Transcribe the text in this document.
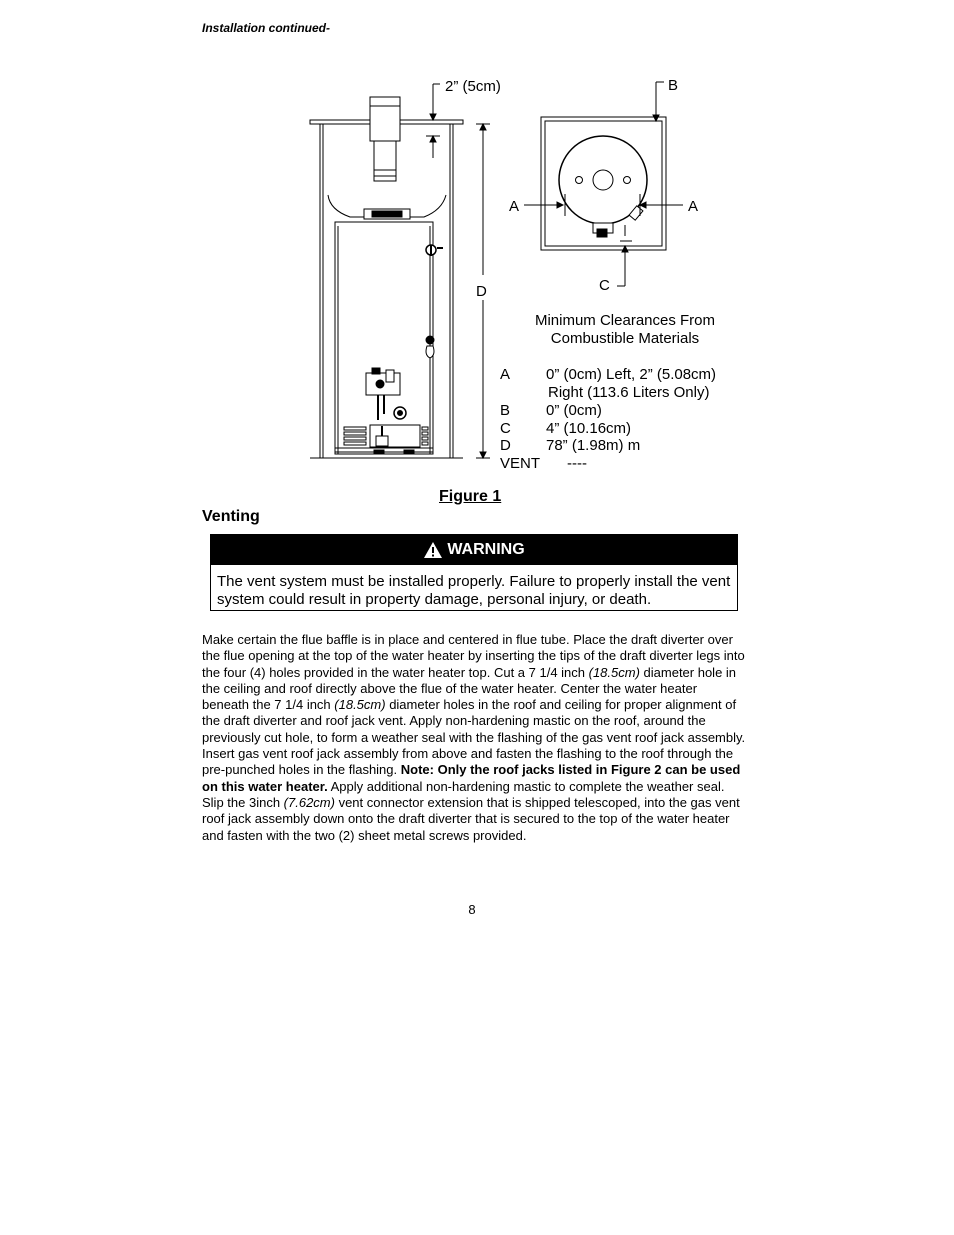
Installation continued-
2” (5cm)
D
B
A	A
C
Minimum Clearances From
Combustible Materials
A 0” (0cm) Left, 2” (5.08cm)
Right (113.6 Liters Only)
B 0” (0cm)
C 4” (10.16cm)
D 78” (1.98m) m
VENT ----
Figure 1
Venting
WARNING
The vent system must be installed properly. Failure to properly install the vent system could result in property damage, personal injury, or death.
Make certain the flue baffle is in place and centered in flue tube. Place the draft diverter over the flue opening at the top of the water heater by inserting the tips of the draft diverter legs into the four (4) holes provided in the water heater top. Cut a 7 1/4 inch (18.5cm) diameter hole in the ceiling and roof directly above the flue of the water heater. Center the water heater beneath the 7 1/4 inch (18.5cm) diameter holes in the roof and ceiling for proper alignment of the draft diverter and roof jack vent. Apply non-hardening mastic on the roof, around the previously cut hole, to form a weather seal with the flashing of the gas vent roof jack assembly. Insert gas vent roof jack assembly from above and fasten the flashing to the roof through the pre-punched holes in the flashing. Note: Only the roof jacks listed in Figure 2 can be used on this water heater. Apply additional non-hardening mastic to complete the weather seal. Slip the 3inch (7.62cm) vent connector extension that is shipped telescoped, into the gas vent roof jack assembly down onto the draft diverter that is secured to the top of the water heater and fasten with the two (2) sheet metal screws provided.
8
